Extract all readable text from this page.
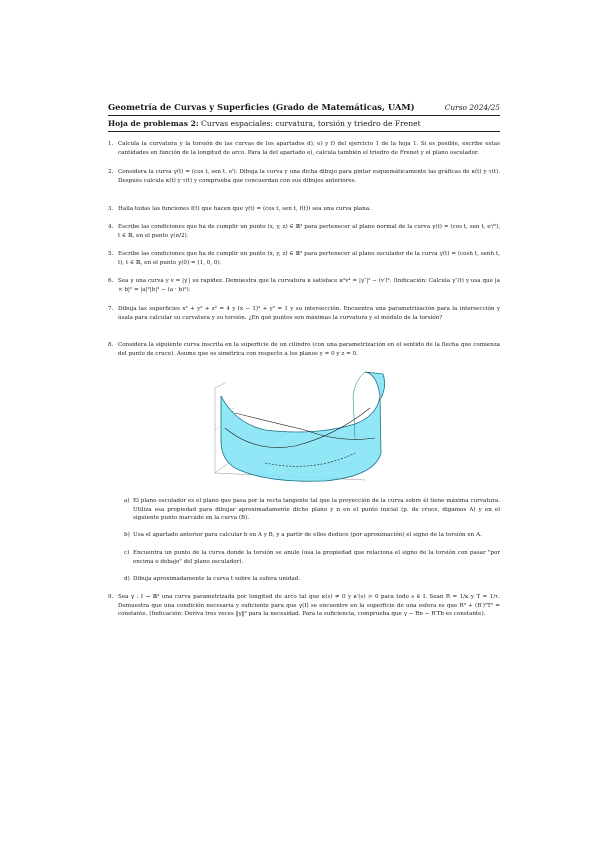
Geometría de Curvas y Superficies (Grado de Matemáticas, UAM)	Curso 2024/25
Hoja de problemas 2: Curvas espaciales: curvatura, torsión y triedro de Frenet
1. Calcula la curvatura y la torsión de las curvas de los apartados d), e) y f) del ejercicio 1 de la hoja 1. Si es posible, escribe estas cantidades en función de la longitud de arco. Para la del apartado e), calcula también el triedro de Frenet y el plano osculador.
2. Considera la curva γ(t) = (cos t, sen t, eᵗ). Dibuja la curva y una dicha dibujo para pintar esquemáticamente las gráficas de κ(t) y τ(t). Después calcula κ(t) y τ(t) y comprueba que concuerdan con sus dibujos anteriores.
3. Halla todas las funciones f(t) que hacen que γ(t) = (cos t, sen t, f(t)) sea una curva plana.
4. Escribe las condiciones que ha de cumplir un punto (x, y, z) ∈ ℝ³ para pertenecer al plano normal de la curva γ(t) = (cos t, sen t, eᵗ/²), t ∈ ℝ, en el punto γ(π/2).
5. Escribe las condiciones que ha de cumplir un punto (x, y, z) ∈ ℝ³ para pertenecer al plano osculador de la curva γ(t) = (cosh t, senh t, t), t ∈ ℝ, en el punto γ(0) = (1, 0, 0).
6. Sea γ una curva y v = |γ′| su rapidez. Demuestra que la curvatura κ satisface κ²v⁴ = |γ″|² − (v′)². (Indicación: Calcula γ″(t) y usa que |a × b|² = |a|²|b|² − (a · b)²).
7. Dibuja las superficies x² + y² + z² = 4 y (x − 1)² + y² = 1 y su intersección. Encuentra una parametrización para la intersección y úsala para calcular su curvatura y su torsión. ¿En qué puntos son máximas la curvatura y el módulo de la torsión?
8. Considera la siguiente curva inscrita en la superficie de un cilindro (con una parametrización en el sentido de la flecha que comienza del punto de cruce). Asume que es simétrica con respecto a los planos y = 0 y z = 0.
a) El plano osculador es el plano que pasa por la recta tangente tal que la proyección de la curva sobre él tiene máxima curvatura. Utiliza esa propiedad para dibujar aproximadamente dicho plano y n en el punto inicial (p. de cruce, digamos A) y en el siguiente punto marcado en la curva (B).
b) Usa el apartado anterior para calcular b en A y B, y a partir de ellos deduce (por aproximación) el signo de la torsión en A.
c) Encuentra un punto de la curva donde la torsión se anule (usa la propiedad que relaciona el signo de la torsión con pasar "por encima o debajo" del plano osculador).
d) Dibuja aproximadamente la curva t sobre la esfera unidad.
9. Sea γ : I → ℝ³ una curva parametrizada por longitud de arco tal que κ(s) ≠ 0 y κ′(s) > 0 para todo s ∈ I. Sean R = 1/κ y T = 1/τ. Demuestra que una condición necesaria y suficiente para que γ(I) se encuentre en la superficie de una esfera es que R² + (R′)²T² = constante. (Indicación: Deriva tres veces ‖γ‖² para la necesidad. Para la suficiencia, comprueba que γ − Rn − R′Tb es constante).
